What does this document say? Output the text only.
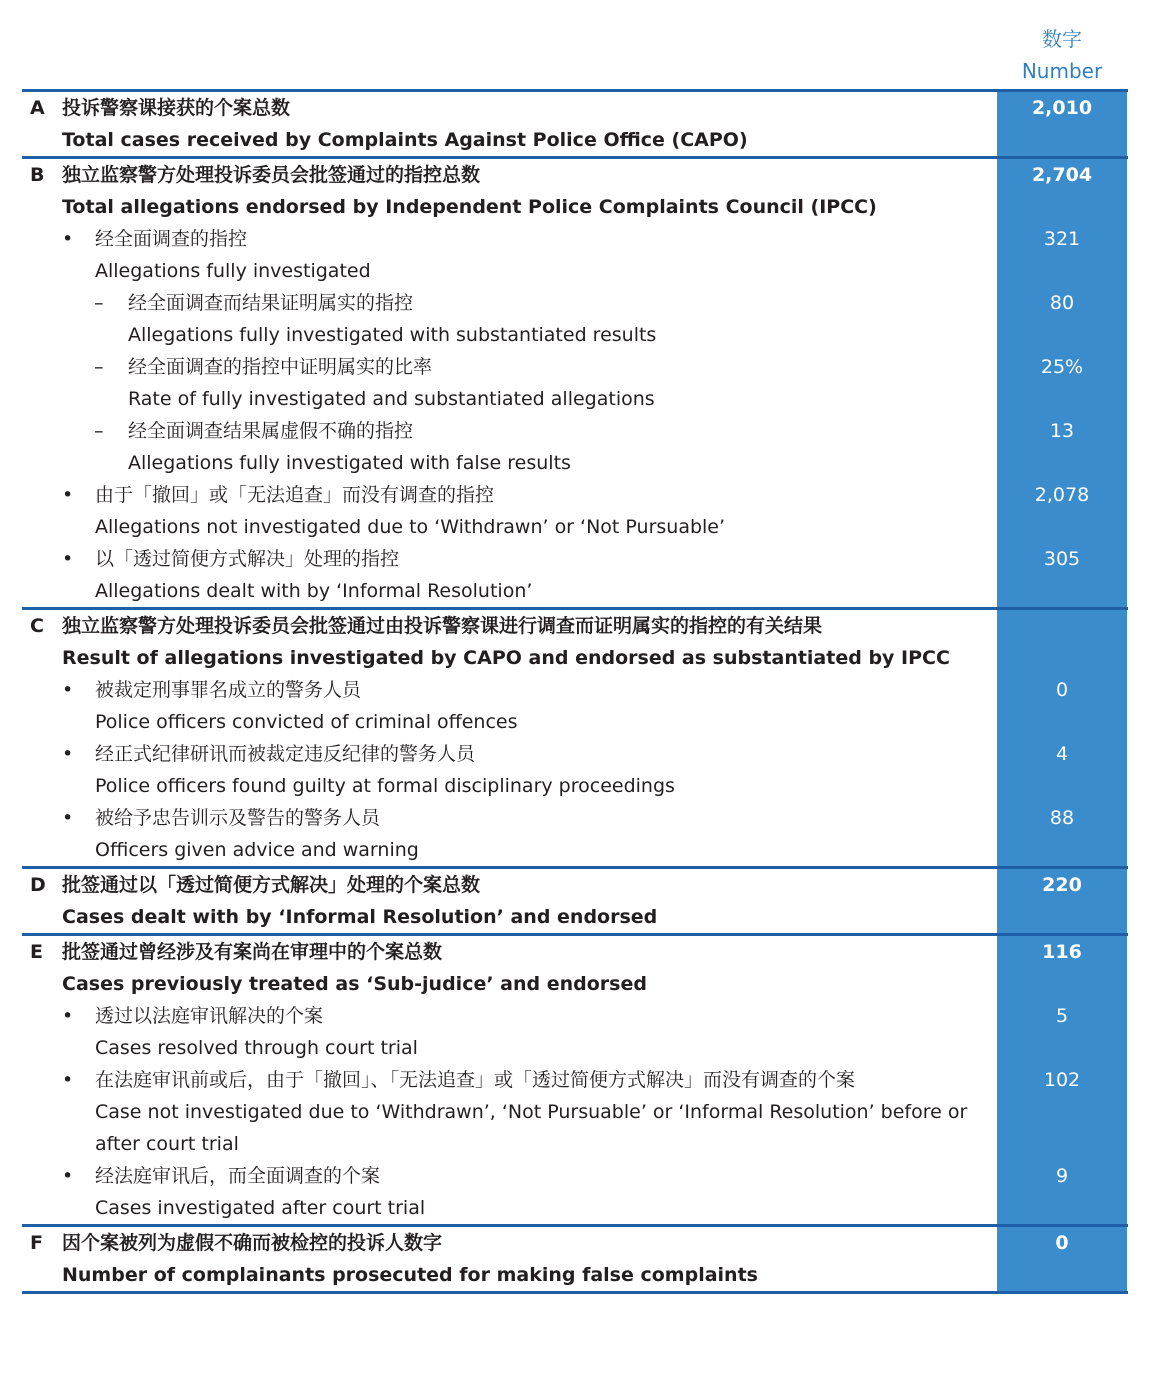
数字
Number
A 投诉警察课接获的个案总数	2,010
Total cases received by Complaints Against Police Office (CAPO)
B 独立监察警方处理投诉委员会批签通过的指控总数	2,704
Total allegations endorsed by Independent Police Complaints Council (IPCC)
• 经全面调查的指控	321
Allegations fully investigated
– 经全面调查而结果证明属实的指控	80
Allegations fully investigated with substantiated results
– 经全面调查的指控中证明属实的比率	25%
Rate of fully investigated and substantiated allegations
– 经全面调查结果属虚假不确的指控	13
Allegations fully investigated with false results
• 由于「撤回」或「无法追查」而没有调查的指控	2,078
Allegations not investigated due to ‘Withdrawn’ or ‘Not Pursuable’
• 以「透过简便方式解决」处理的指控	305
Allegations dealt with by ‘Informal Resolution’
C 独立监察警方处理投诉委员会批签通过由投诉警察课进行调查而证明属实的指控的有关结果
Result of allegations investigated by CAPO and endorsed as substantiated by IPCC
• 被裁定刑事罪名成立的警务人员	0
Police officers convicted of criminal offences
• 经正式纪律研讯而被裁定违反纪律的警务人员	4
Police officers found guilty at formal disciplinary proceedings
• 被给予忠告训示及警告的警务人员	88
Officers given advice and warning
D 批签通过以「透过简便方式解决」处理的个案总数	220
Cases dealt with by ‘Informal Resolution’ and endorsed
E 批签通过曾经涉及有案尚在审理中的个案总数	116
Cases previously treated as ‘Sub-judice’ and endorsed
• 透过以法庭审讯解决的个案	5
Cases resolved through court trial
• 在法庭审讯前或后，由于「撤回」、「无法追查」或「透过简便方式解决」而没有调查的个案	102
Case not investigated due to ‘Withdrawn’, ‘Not Pursuable’ or ‘Informal Resolution’ before or
after court trial
• 经法庭审讯后，而全面调查的个案	9
Cases investigated after court trial
F 因个案被列为虚假不确而被检控的投诉人数字	0
Number of complainants prosecuted for making false complaints
